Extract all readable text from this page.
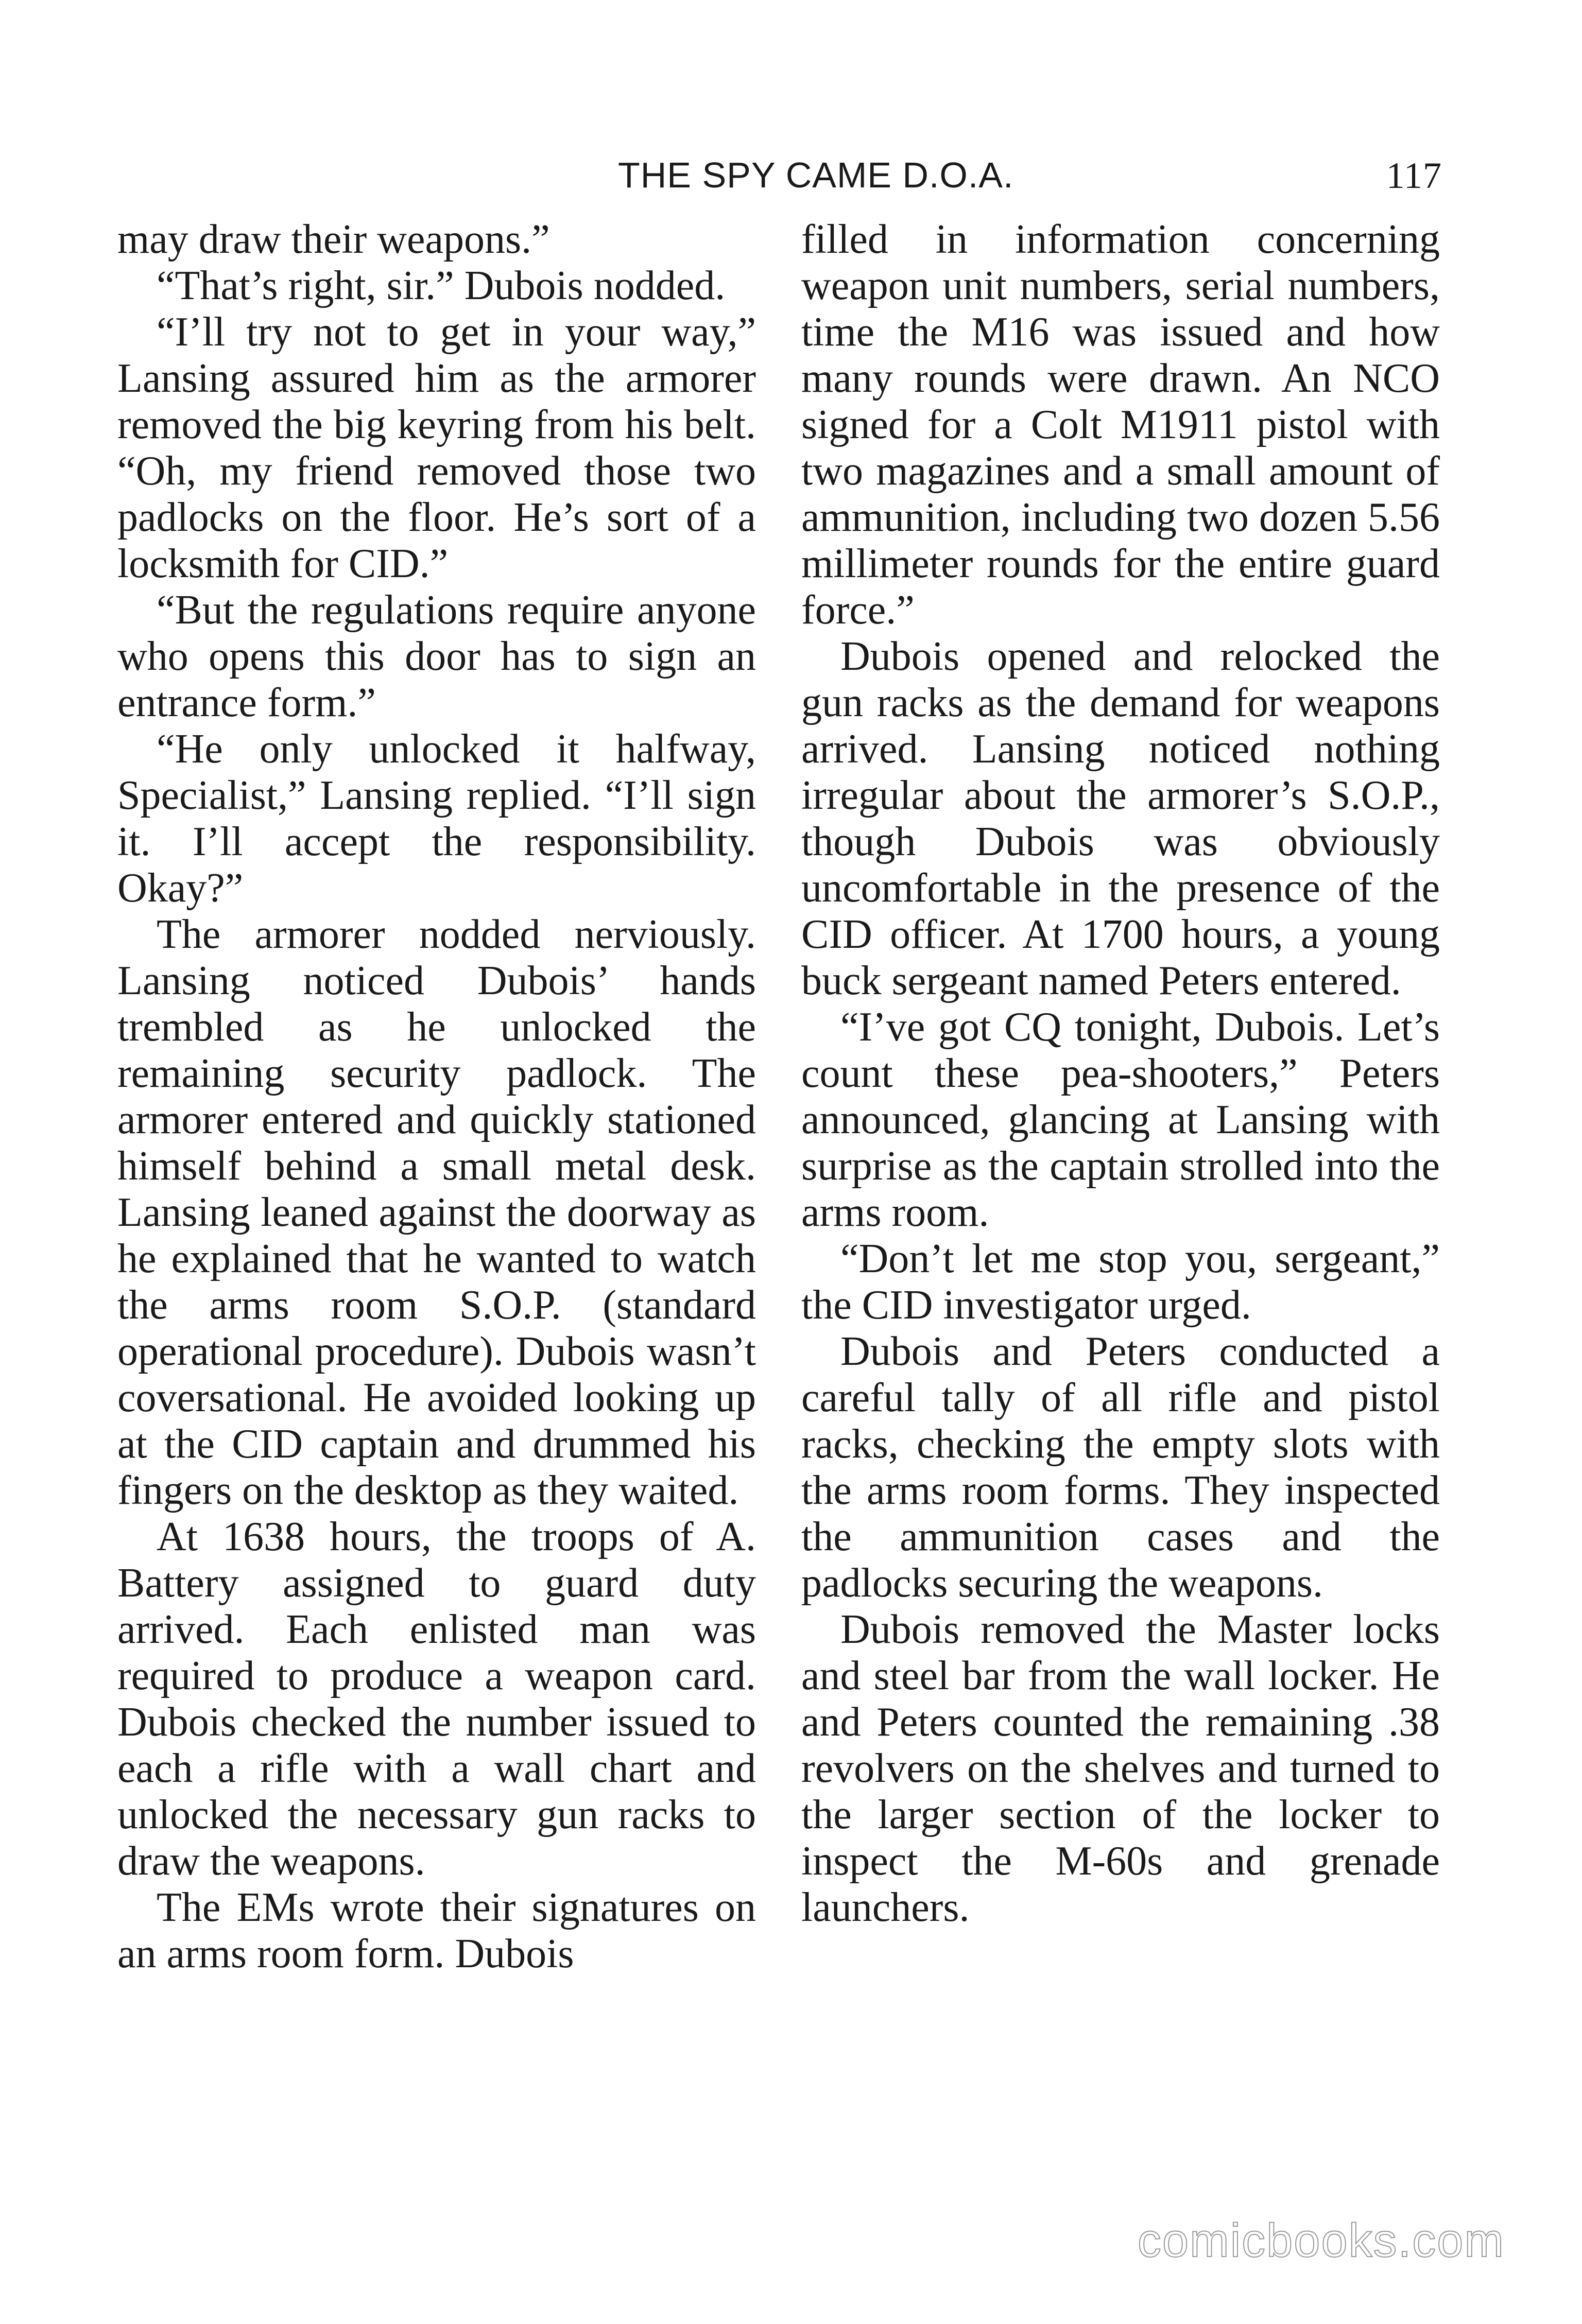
THE SPY CAME D.O.A.	117

may draw their weapons.”

“That’s right, sir.” Dubois nodded.

“I’ll try not to get in your way,” Lansing assured him as the armorer removed the big keyring from his belt. “Oh, my friend removed those two padlocks on the floor. He’s sort of a locksmith for CID.”

“But the regulations require anyone who opens this door has to sign an entrance form.”

“He only unlocked it halfway, Specialist,” Lansing replied. “I’ll sign it. I’ll accept the responsibility. Okay?”

The armorer nodded nerviously. Lansing noticed Dubois’ hands trembled as he unlocked the remaining security padlock. The armorer entered and quickly stationed himself behind a small metal desk. Lansing leaned against the doorway as he explained that he wanted to watch the arms room S.O.P. (standard operational procedure). Dubois wasn’t coversational. He avoided looking up at the CID captain and drummed his fingers on the desktop as they waited.

At 1638 hours, the troops of A. Battery assigned to guard duty arrived. Each enlisted man was required to produce a weapon card. Dubois checked the number issued to each a rifle with a wall chart and unlocked the necessary gun racks to draw the weapons.

The EMs wrote their signatures on an arms room form. Dubois

filled in information concerning weapon unit numbers, serial numbers, time the M16 was issued and how many rounds were drawn. An NCO signed for a Colt M1911 pistol with two magazines and a small amount of ammunition, including two dozen 5.56 millimeter rounds for the entire guard force.”

Dubois opened and relocked the gun racks as the demand for weapons arrived. Lansing noticed nothing irregular about the armorer’s S.O.P., though Dubois was obviously uncomfortable in the presence of the CID officer. At 1700 hours, a young buck sergeant named Peters entered.

“I’ve got CQ tonight, Dubois. Let’s count these pea-shooters,” Peters announced, glancing at Lansing with surprise as the captain strolled into the arms room.

“Don’t let me stop you, sergeant,” the CID investigator urged.

Dubois and Peters conducted a careful tally of all rifle and pistol racks, checking the empty slots with the arms room forms. They inspected the ammunition cases and the padlocks securing the weapons.

Dubois removed the Master locks and steel bar from the wall locker. He and Peters counted the remaining .38 revolvers on the shelves and turned to the larger section of the locker to inspect the M-60s and grenade launchers.

comicbooks.com
